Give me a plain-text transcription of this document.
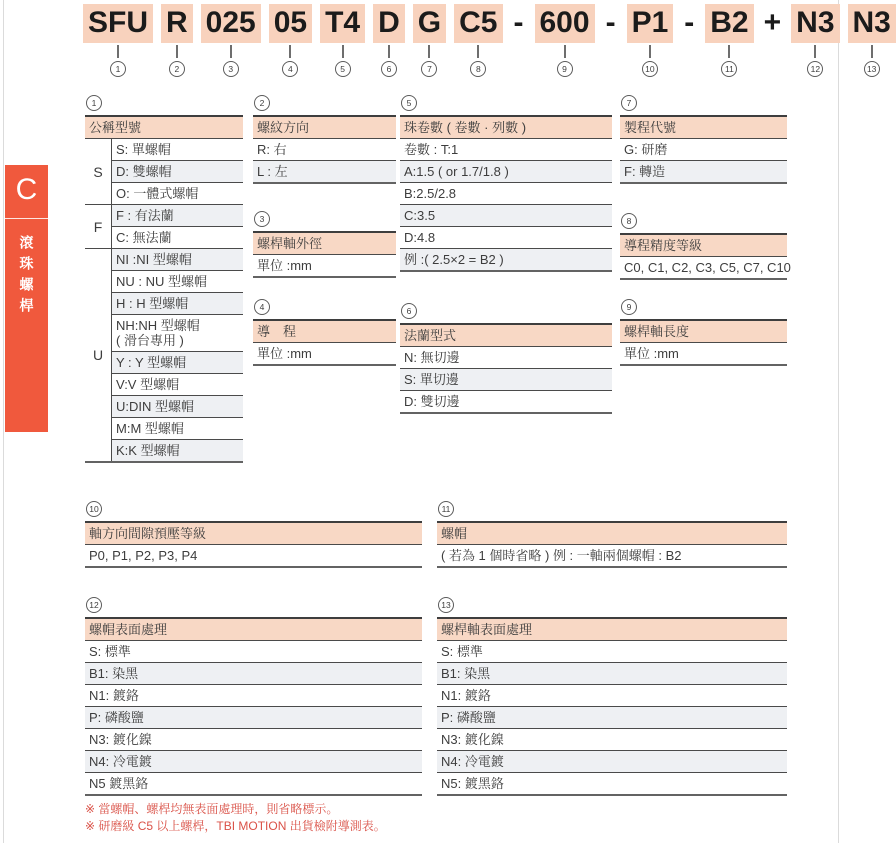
C
滾珠螺桿
SFU
1
R
2
025
3
05
4
T4
5
D
6
G
7
C5
8
- 600
9
- P1
10
- B2
11
+ N3
12
N3
13
1
公稱型號
S
S: 單螺帽
D: 雙螺帽
O: 一體式螺帽
F
F : 有法蘭
C: 無法蘭
U
NI :NI 型螺帽
NU : NU 型螺帽
H : H 型螺帽
NH:NH 型螺帽
( 滑台專用 )
Y : Y 型螺帽
V:V 型螺帽
U:DIN 型螺帽
M:M 型螺帽
K:K 型螺帽
2
螺紋方向
R: 右
L : 左
3
螺桿軸外徑
單位 :mm
4
導　程
單位 :mm
5
珠卷數 ( 卷數 · 列數 )
卷數 : T:1
A:1.5 ( or 1.7/1.8 )
B:2.5/2.8
C:3.5
D:4.8
例 :( 2.5×2 = B2 )
6
法蘭型式
N: 無切邊
S: 單切邊
D: 雙切邊
7
製程代號
G: 研磨
F: 轉造
8
導程精度等級
C0, C1, C2, C3, C5, C7, C10
9
螺桿軸長度
單位 :mm
10
軸方向間隙預壓等級
P0, P1, P2, P3, P4
11
螺帽
( 若為 1 個時省略 ) 例 : 一軸兩個螺帽 : B2
12
螺帽表面處理
S: 標準
B1: 染黑
N1: 鍍鉻
P: 磷酸鹽
N3: 鍍化鎳
N4: 冷電鍍
N5 鍍黑鉻
13
螺桿軸表面處理
S: 標準
B1: 染黑
N1: 鍍鉻
P: 磷酸鹽
N3: 鍍化鎳
N4: 冷電鍍
N5: 鍍黑鉻
※ 當螺帽、螺桿均無表面處理時，則省略標示。
※ 研磨級 C5 以上螺桿，TBI MOTION 出貨檢附導測表。
